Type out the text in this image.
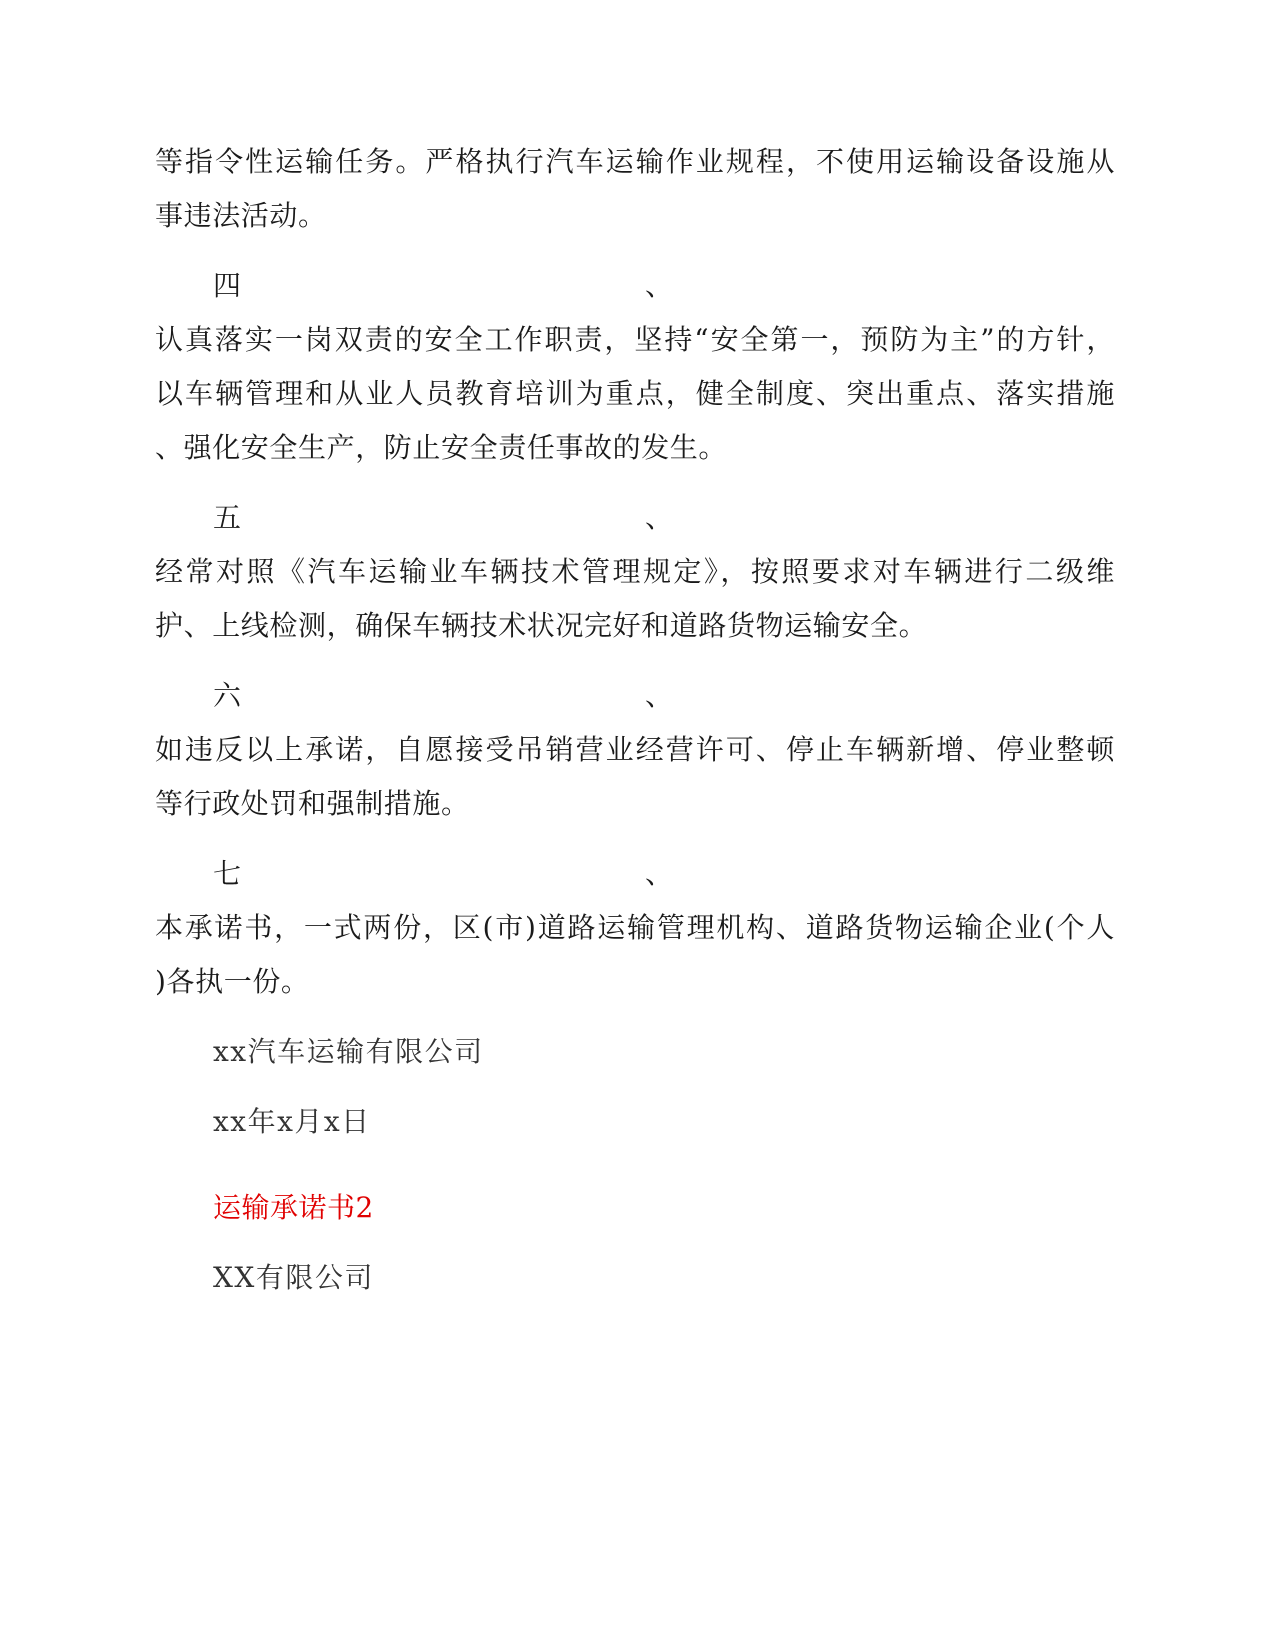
等指令性运输任务。严格执行汽车运输作业规程，不使用运输设备设施从
事违法活动。
四	、
认真落实一岗双责的安全工作职责，坚持“安全第一，预防为主”的方针，
以车辆管理和从业人员教育培训为重点，健全制度、突出重点、落实措施
、强化安全生产，防止安全责任事故的发生。
五	、
经常对照《汽车运输业车辆技术管理规定》，按照要求对车辆进行二级维
护、上线检测，确保车辆技术状况完好和道路货物运输安全。
六	、
如违反以上承诺，自愿接受吊销营业经营许可、停止车辆新增、停业整顿
等行政处罚和强制措施。
七	、
本承诺书，一式两份，区(市)道路运输管理机构、道路货物运输企业(个人
)各执一份。
xx汽车运输有限公司
xx年x月x日
运输承诺书2
XX有限公司
